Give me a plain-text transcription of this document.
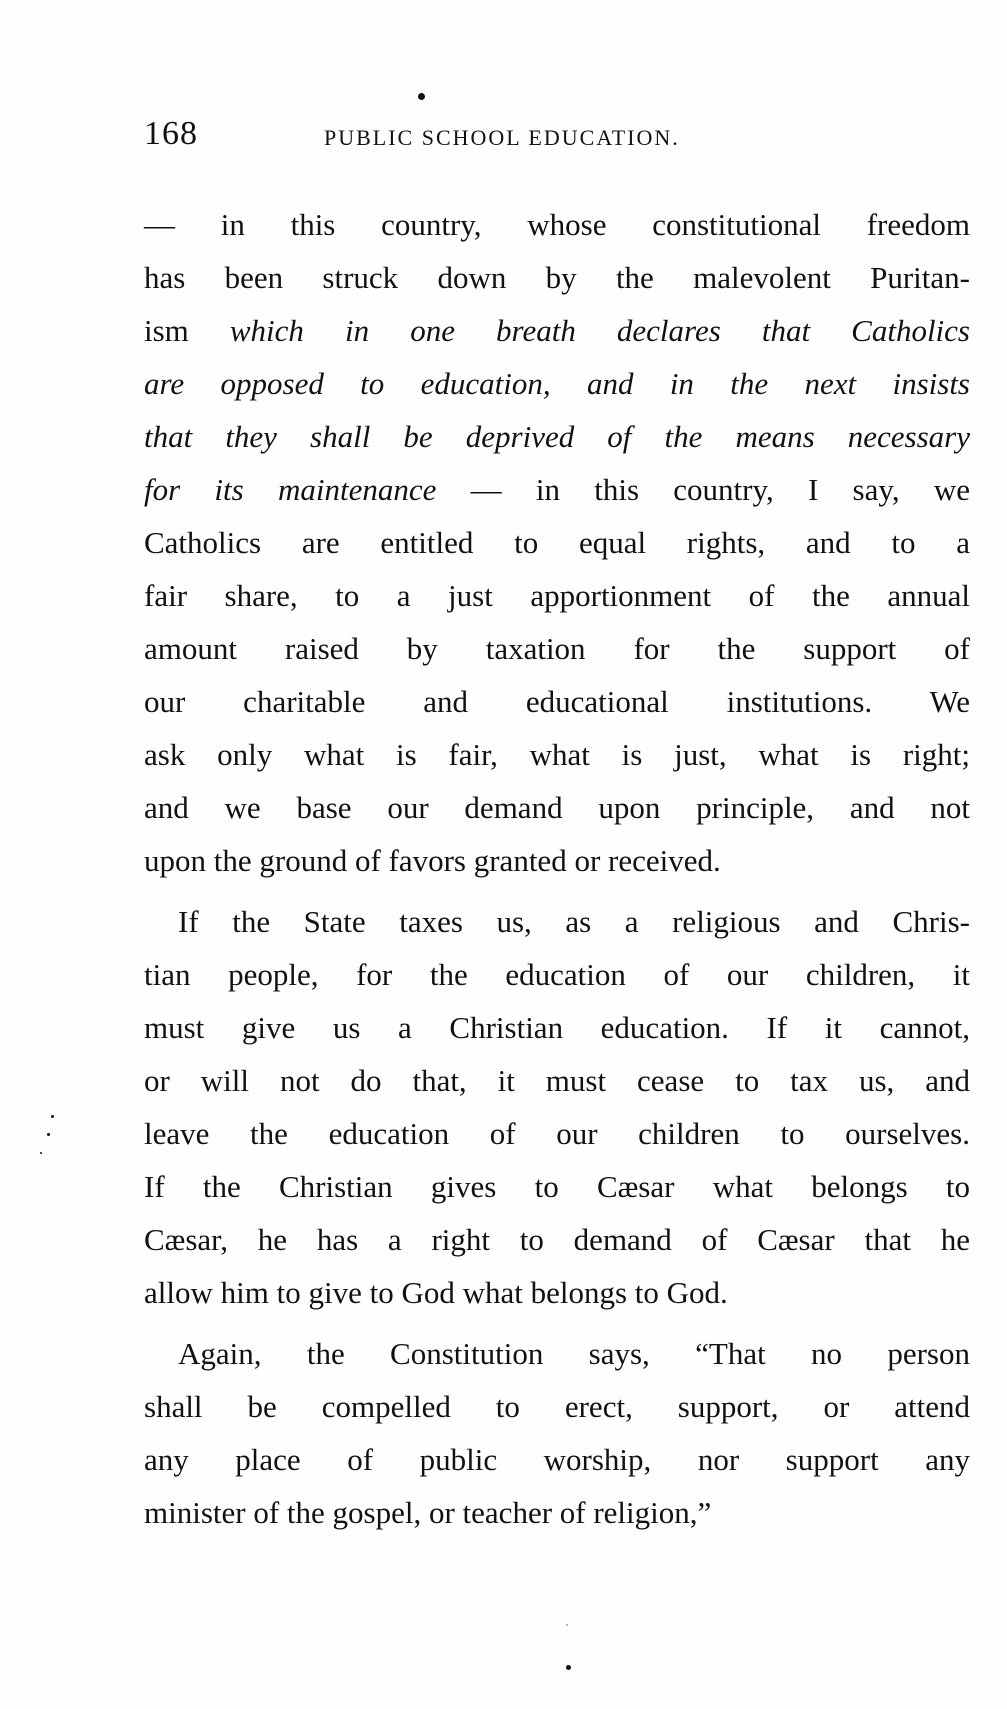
168	PUBLIC SCHOOL EDUCATION.
— in this country, whose constitutional freedom
has been struck down by the malevolent Puritan-
ism which in one breath declares that Catholics
are opposed to education, and in the next insists
that they shall be deprived of the means necessary
for its maintenance — in this country, I say, we
Catholics are entitled to equal rights, and to a
fair share, to a just apportionment of the annual
amount raised by taxation for the support of
our charitable and educational institutions. We
ask only what is fair, what is just, what is right;
and we base our demand upon principle, and not
upon the ground of favors granted or received.
If the State taxes us, as a religious and Chris-
tian people, for the education of our children, it
must give us a Christian education. If it cannot,
or will not do that, it must cease to tax us, and
leave the education of our children to ourselves.
If the Christian gives to Cæsar what belongs to
Cæsar, he has a right to demand of Cæsar that he
allow him to give to God what belongs to God.
Again, the Constitution says, “That no person
shall be compelled to erect, support, or attend
any place of public worship, nor support any
minister of the gospel, or teacher of religion,”
